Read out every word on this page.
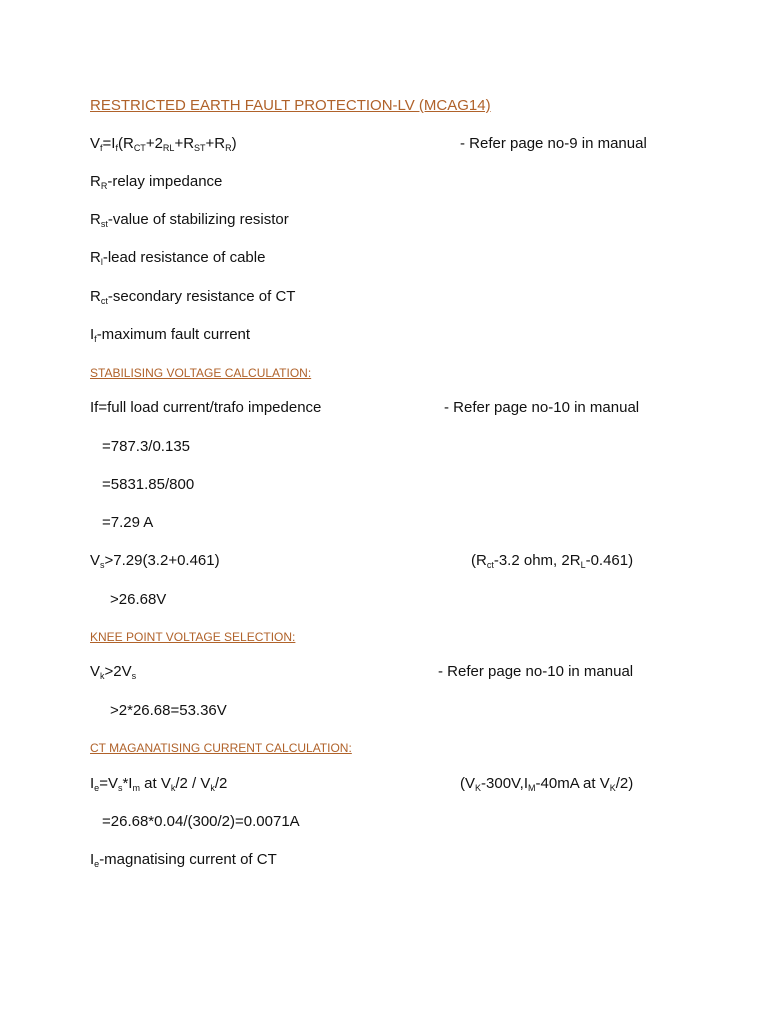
RESTRICTED EARTH FAULT PROTECTION-LV (MCAG14)
$V_f=I_f(R_{CT}+2_{RL}+R_{ST}+R_R)$	- Refer page no-9 in manual
$R_R$-relay impedance
$R_{st}$-value of stabilizing resistor
$R_l$-lead resistance of cable
$R_{ct}$-secondary resistance of CT
$I_f$-maximum fault current
STABILISING VOLTAGE CALCULATION:
If=full load current/trafo impedence	- Refer page no-10 in manual
=787.3/0.135
=5831.85/800
=7.29 A
$V_s>7.29(3.2+0.461)$	($R_{ct}-3.2$ ohm, $2R_L-0.461$)
>26.68V
KNEE POINT VOLTAGE SELECTION:
$V_k>2V_s$	- Refer page no-10 in manual
>2*26.68=53.36V
CT MAGANATISING CURRENT CALCULATION:
$I_e=V_s*I_m$ at $V_k/2 / V_k/2$	($V_K-300V,I_M-40mA$ at $V_K/2$)
=26.68*0.04/(300/2)=0.0071A
$I_e$-magnatising current of CT
